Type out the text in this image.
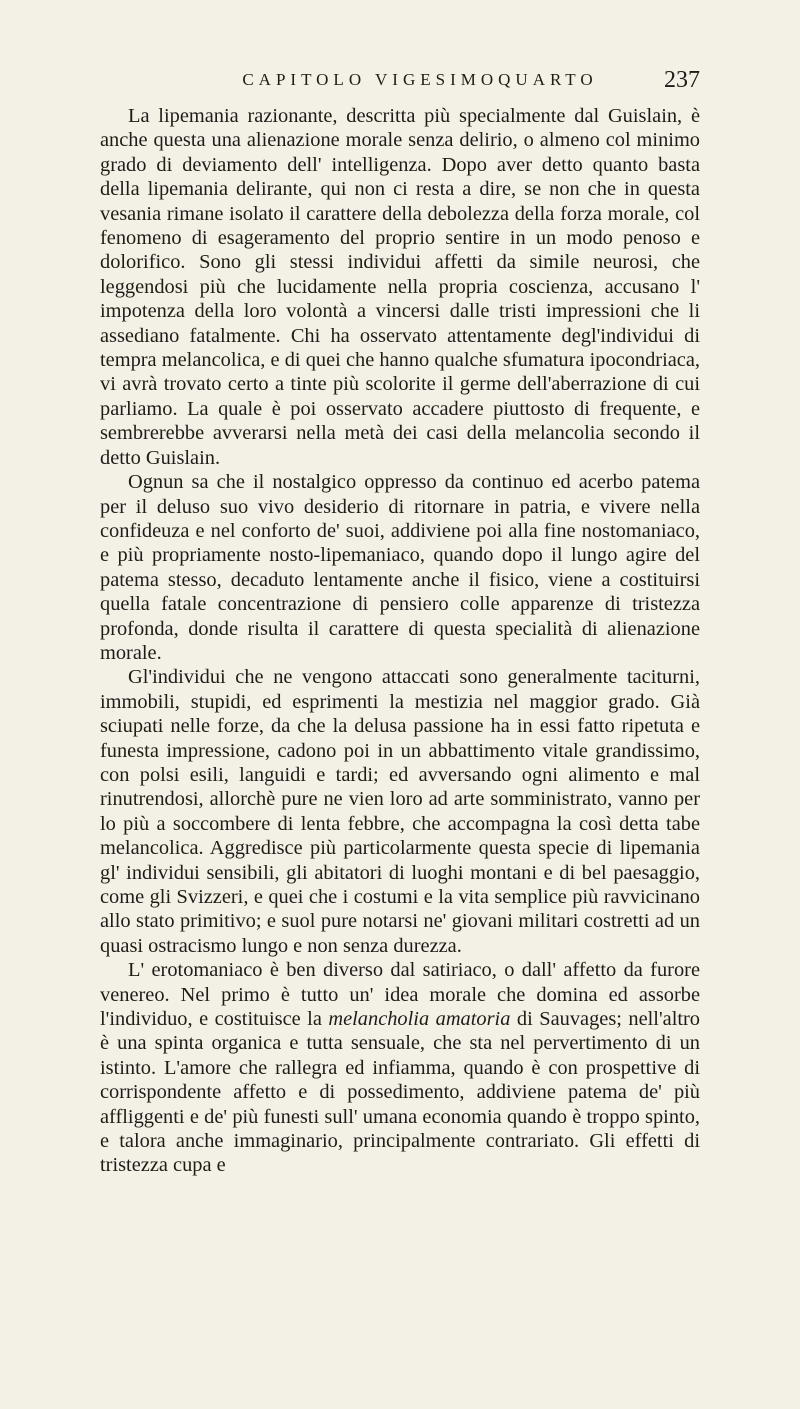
CAPITOLO VIGESIMOQUARTO	237

La lipemania razionante, descritta più specialmente dal Guislain, è anche questa una alienazione morale senza delirio, o almeno col minimo grado di deviamento dell' intelligenza. Dopo aver detto quanto basta della lipemania delirante, qui non ci resta a dire, se non che in questa vesania rimane isolato il carattere della debolezza della forza morale, col fenomeno di esageramento del proprio sentire in un modo penoso e dolorifico. Sono gli stessi individui affetti da simile neurosi, che leggendosi più che lucidamente nella propria coscienza, accusano l' impotenza della loro volontà a vincersi dalle tristi impressioni che li assediano fatalmente. Chi ha osservato attentamente degl'individui di tempra melancolica, e di quei che hanno qualche sfumatura ipocondriaca, vi avrà trovato certo a tinte più scolorite il germe dell'aberrazione di cui parliamo. La quale è poi osservato accadere piuttosto di frequente, e sembrerebbe avverarsi nella metà dei casi della melancolia secondo il detto Guislain.

Ognun sa che il nostalgico oppresso da continuo ed acerbo patema per il deluso suo vivo desiderio di ritornare in patria, e vivere nella confideuza e nel conforto de' suoi, addiviene poi alla fine nostomaniaco, e più propriamente nosto-lipemaniaco, quando dopo il lungo agire del patema stesso, decaduto lentamente anche il fisico, viene a costituirsi quella fatale concentrazione di pensiero colle apparenze di tristezza profonda, donde risulta il carattere di questa specialità di alienazione morale.

Gl'individui che ne vengono attaccati sono generalmente taciturni, immobili, stupidi, ed esprimenti la mestizia nel maggior grado. Già sciupati nelle forze, da che la delusa passione ha in essi fatto ripetuta e funesta impressione, cadono poi in un abbattimento vitale grandissimo, con polsi esili, languidi e tardi; ed avversando ogni alimento e mal rinutrendosi, allorchè pure ne vien loro ad arte somministrato, vanno per lo più a soccombere di lenta febbre, che accompagna la così detta tabe melancolica. Aggredisce più particolarmente questa specie di lipemania gl' individui sensibili, gli abitatori di luoghi montani e di bel paesaggio, come gli Svizzeri, e quei che i costumi e la vita semplice più ravvicinano allo stato primitivo; e suol pure notarsi ne' giovani militari costretti ad un quasi ostracismo lungo e non senza durezza.

L' erotomaniaco è ben diverso dal satiriaco, o dall' affetto da furore venereo. Nel primo è tutto un' idea morale che domina ed assorbe l'individuo, e costituisce la melancholia amatoria di Sauvages; nell'altro è una spinta organica e tutta sensuale, che sta nel pervertimento di un istinto. L'amore che rallegra ed infiamma, quando è con prospettive di corrispondente affetto e di possedimento, addiviene patema de' più affliggenti e de' più funesti sull' umana economia quando è troppo spinto, e talora anche immaginario, principalmente contrariato. Gli effetti di tristezza cupa e
